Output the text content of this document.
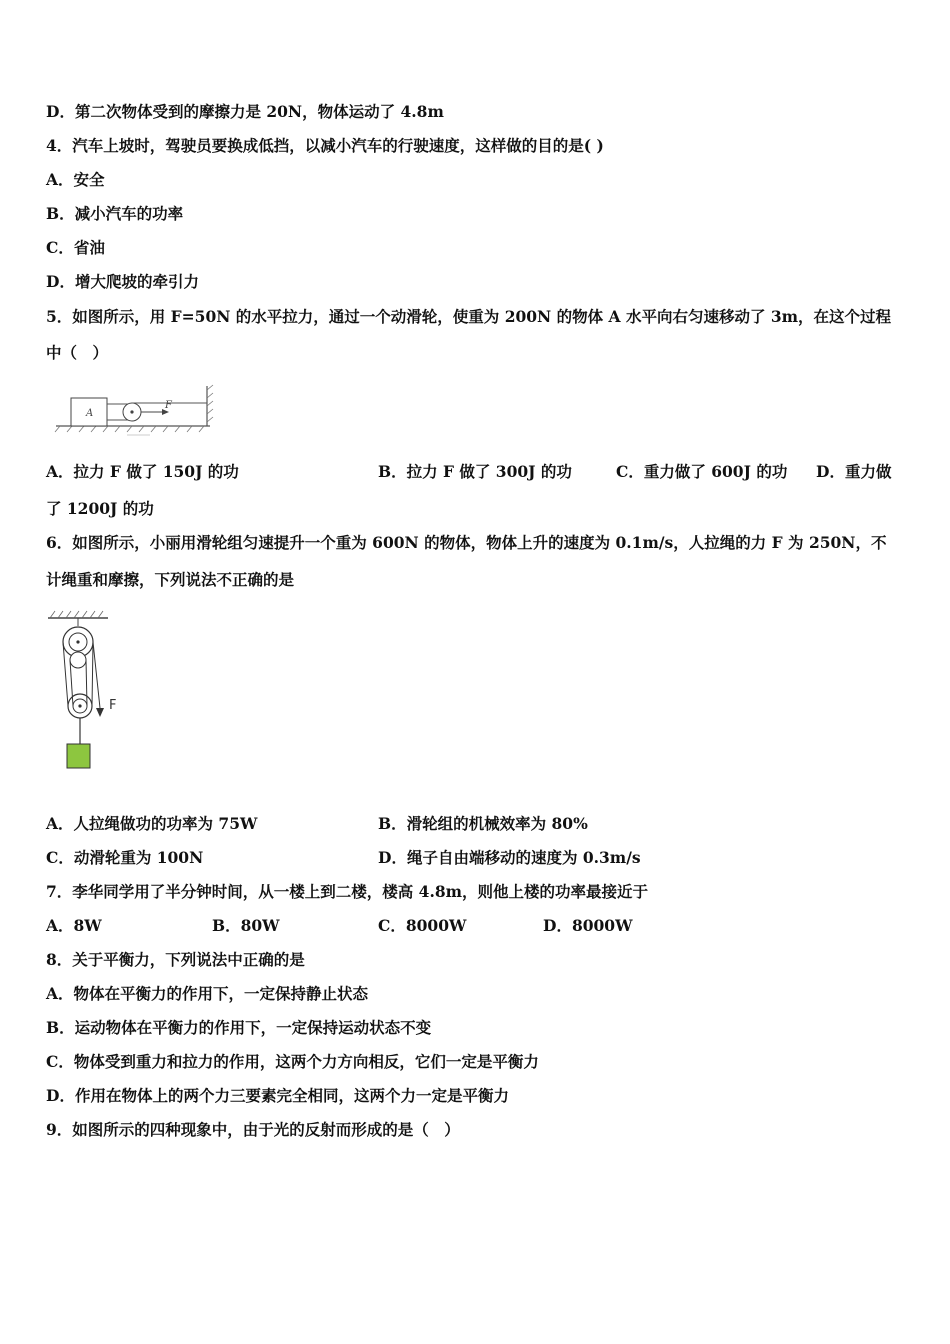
D．第二次物体受到的摩擦力是 20N，物体运动了 4.8m
4．汽车上坡时，驾驶员要换成低挡，以减小汽车的行驶速度，这样做的目的是( )
A．安全
B．减小汽车的功率
C．省油
D．增大爬坡的牵引力
5．如图所示，用 F=50N 的水平拉力，通过一个动滑轮，使重为 200N 的物体 A 水平向右匀速移动了 3m，在这个过程
中（　）
A
F
A．拉力 F 做了 150J 的功	B．拉力 F 做了 300J 的功	C．重力做了 600J 的功 D．重力做
了 1200J 的功
6．如图所示，小丽用滑轮组匀速提升一个重为 600N 的物体，物体上升的速度为 0.1m/s，人拉绳的力 F 为 250N，不
计绳重和摩擦，下列说法不正确的是
F
A．人拉绳做功的功率为 75W	B．滑轮组的机械效率为 80%
C．动滑轮重为 100N	D．绳子自由端移动的速度为 0.3m/s
7．李华同学用了半分钟时间，从一楼上到二楼，楼高 4.8m，则他上楼的功率最接近于
A．8W	B．80W	C．8000W	D．8000W
8．关于平衡力，下列说法中正确的是
A．物体在平衡力的作用下，一定保持静止状态
B．运动物体在平衡力的作用下，一定保持运动状态不变
C．物体受到重力和拉力的作用，这两个力方向相反，它们一定是平衡力
D．作用在物体上的两个力三要素完全相同，这两个力一定是平衡力
9．如图所示的四种现象中，由于光的反射而形成的是（　）
